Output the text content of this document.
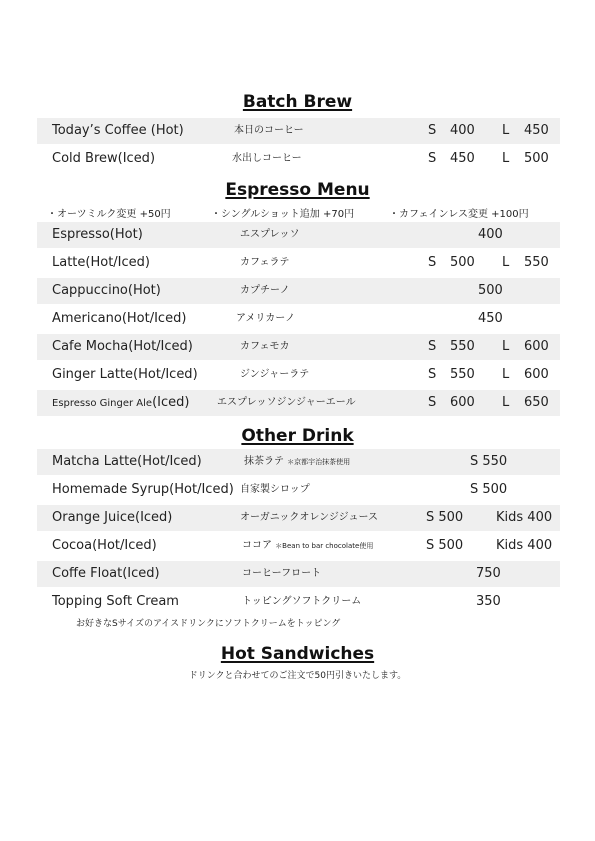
Batch Brew
Today’s Coffee (Hot)	本日のコーヒー	S 400 L 450
Cold Brew(Iced)	水出しコーヒー	S 450 L 500
Espresso Menu
・オーツミルク変更 +50円	・シングルショット追加 +70円	・カフェインレス変更 +100円
Espresso(Hot)	エスプレッソ	400
Latte(Hot/Iced)	カフェラテ	S 500 L 550
Cappuccino(Hot)	カプチーノ	500
Americano(Hot/Iced)	アメリカーノ	450
Cafe Mocha(Hot/Iced)	カフェモカ	S 550 L 600
Ginger Latte(Hot/Iced)	ジンジャーラテ	S 550 L 600
Espresso Ginger Ale(Iced)	エスプレッソジンジャーエール	S 600 L 650
Other Drink
Matcha Latte(Hot/Iced)	抹茶ラテ ＊京都宇治抹茶使用	S 550
Homemade Syrup(Hot/Iced) 自家製シロップ	S 500
Orange Juice(Iced)	オーガニックオレンジジュース	S 500	Kids 400
Cocoa(Hot/Iced)	ココア ＊Bean to bar chocolate使用	S 500	Kids 400
Coffe Float(Iced)	コーヒーフロート	750
Topping Soft Cream	トッピングソフトクリーム	350
お好きなSサイズのアイスドリンクにソフトクリームをトッピング
Hot Sandwiches
ドリンクと合わせてのご注文で50円引きいたします。
